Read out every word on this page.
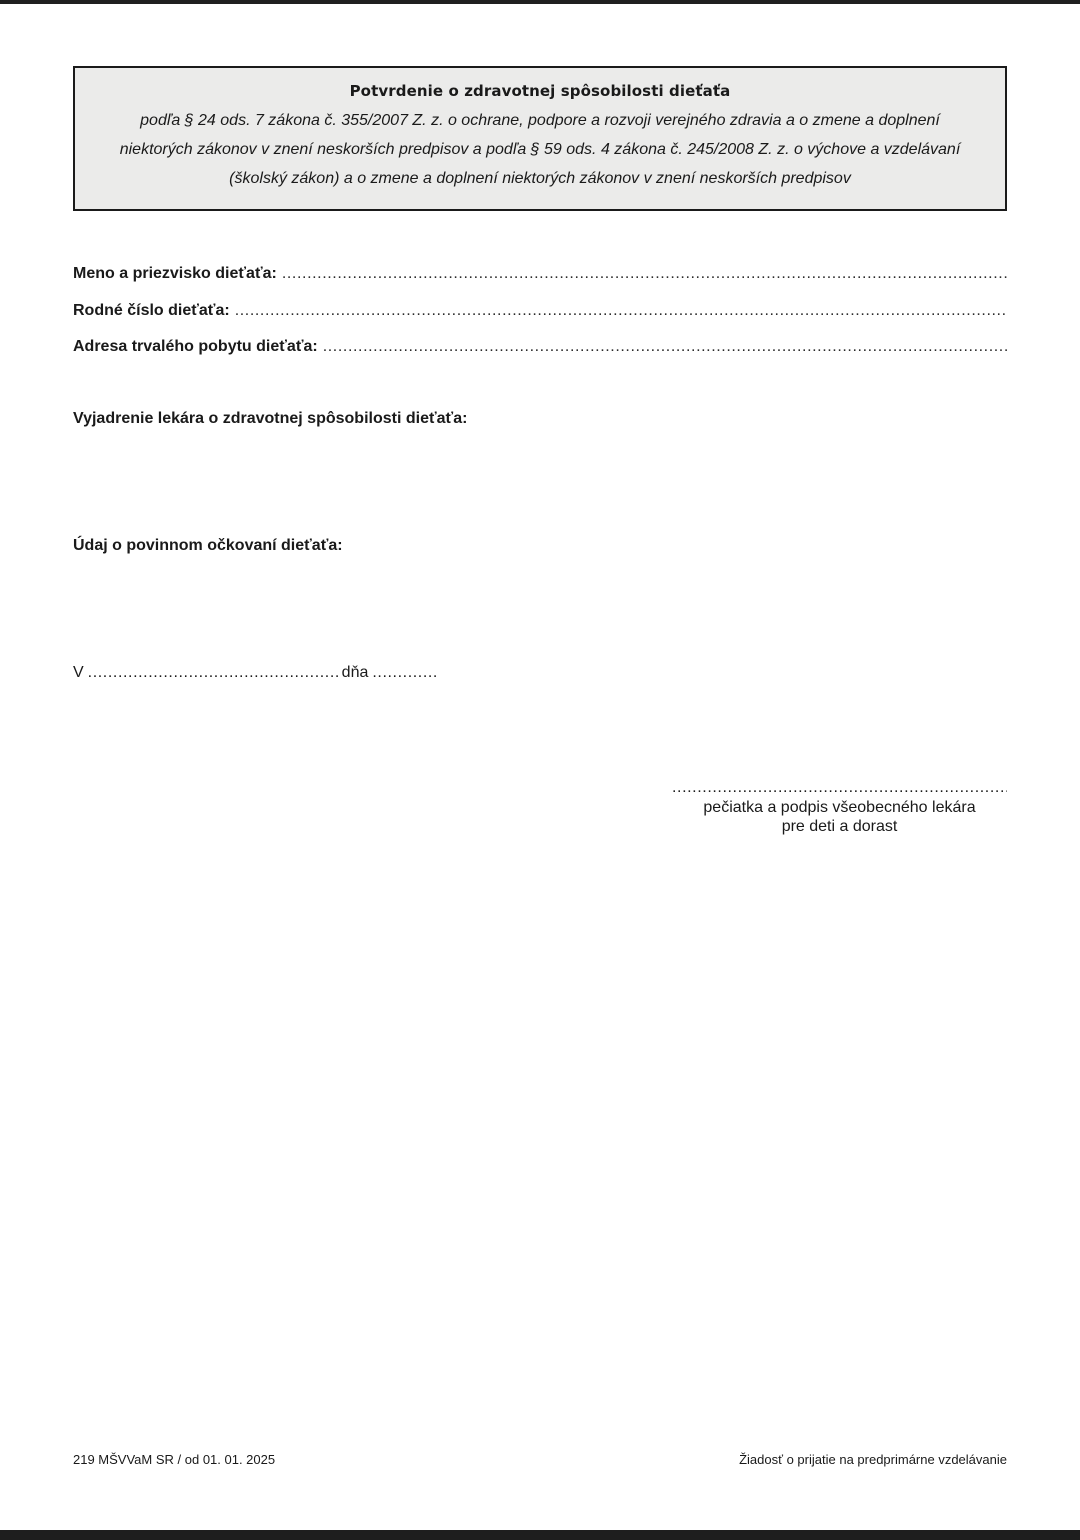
Potvrdenie o zdravotnej spôsobilosti dieťaťa
podľa § 24 ods. 7 zákona č. 355/2007 Z. z. o ochrane, podpore a rozvoji verejného zdravia a o zmene a doplnení
niektorých zákonov v znení neskorších predpisov a podľa § 59 ods. 4 zákona č. 245/2008 Z. z. o výchove a vzdelávaní
(školský zákon) a o zmene a doplnení niektorých zákonov v znení neskorších predpisov
Meno a priezvisko dieťaťa:
.....
Rodné číslo dieťaťa:
.....
Adresa trvalého pobytu dieťaťa:
.....
Vyjadrenie lekára o zdravotnej spôsobilosti dieťaťa:
Údaj o povinnom očkovaní dieťaťa:
V
.....	dňa
.....
.....
pečiatka a podpis všeobecného lekára
pre deti a dorast
219 MŠVVaM SR / od 01. 01. 2025	Žiadosť o prijatie na predprimárne vzdelávanie
